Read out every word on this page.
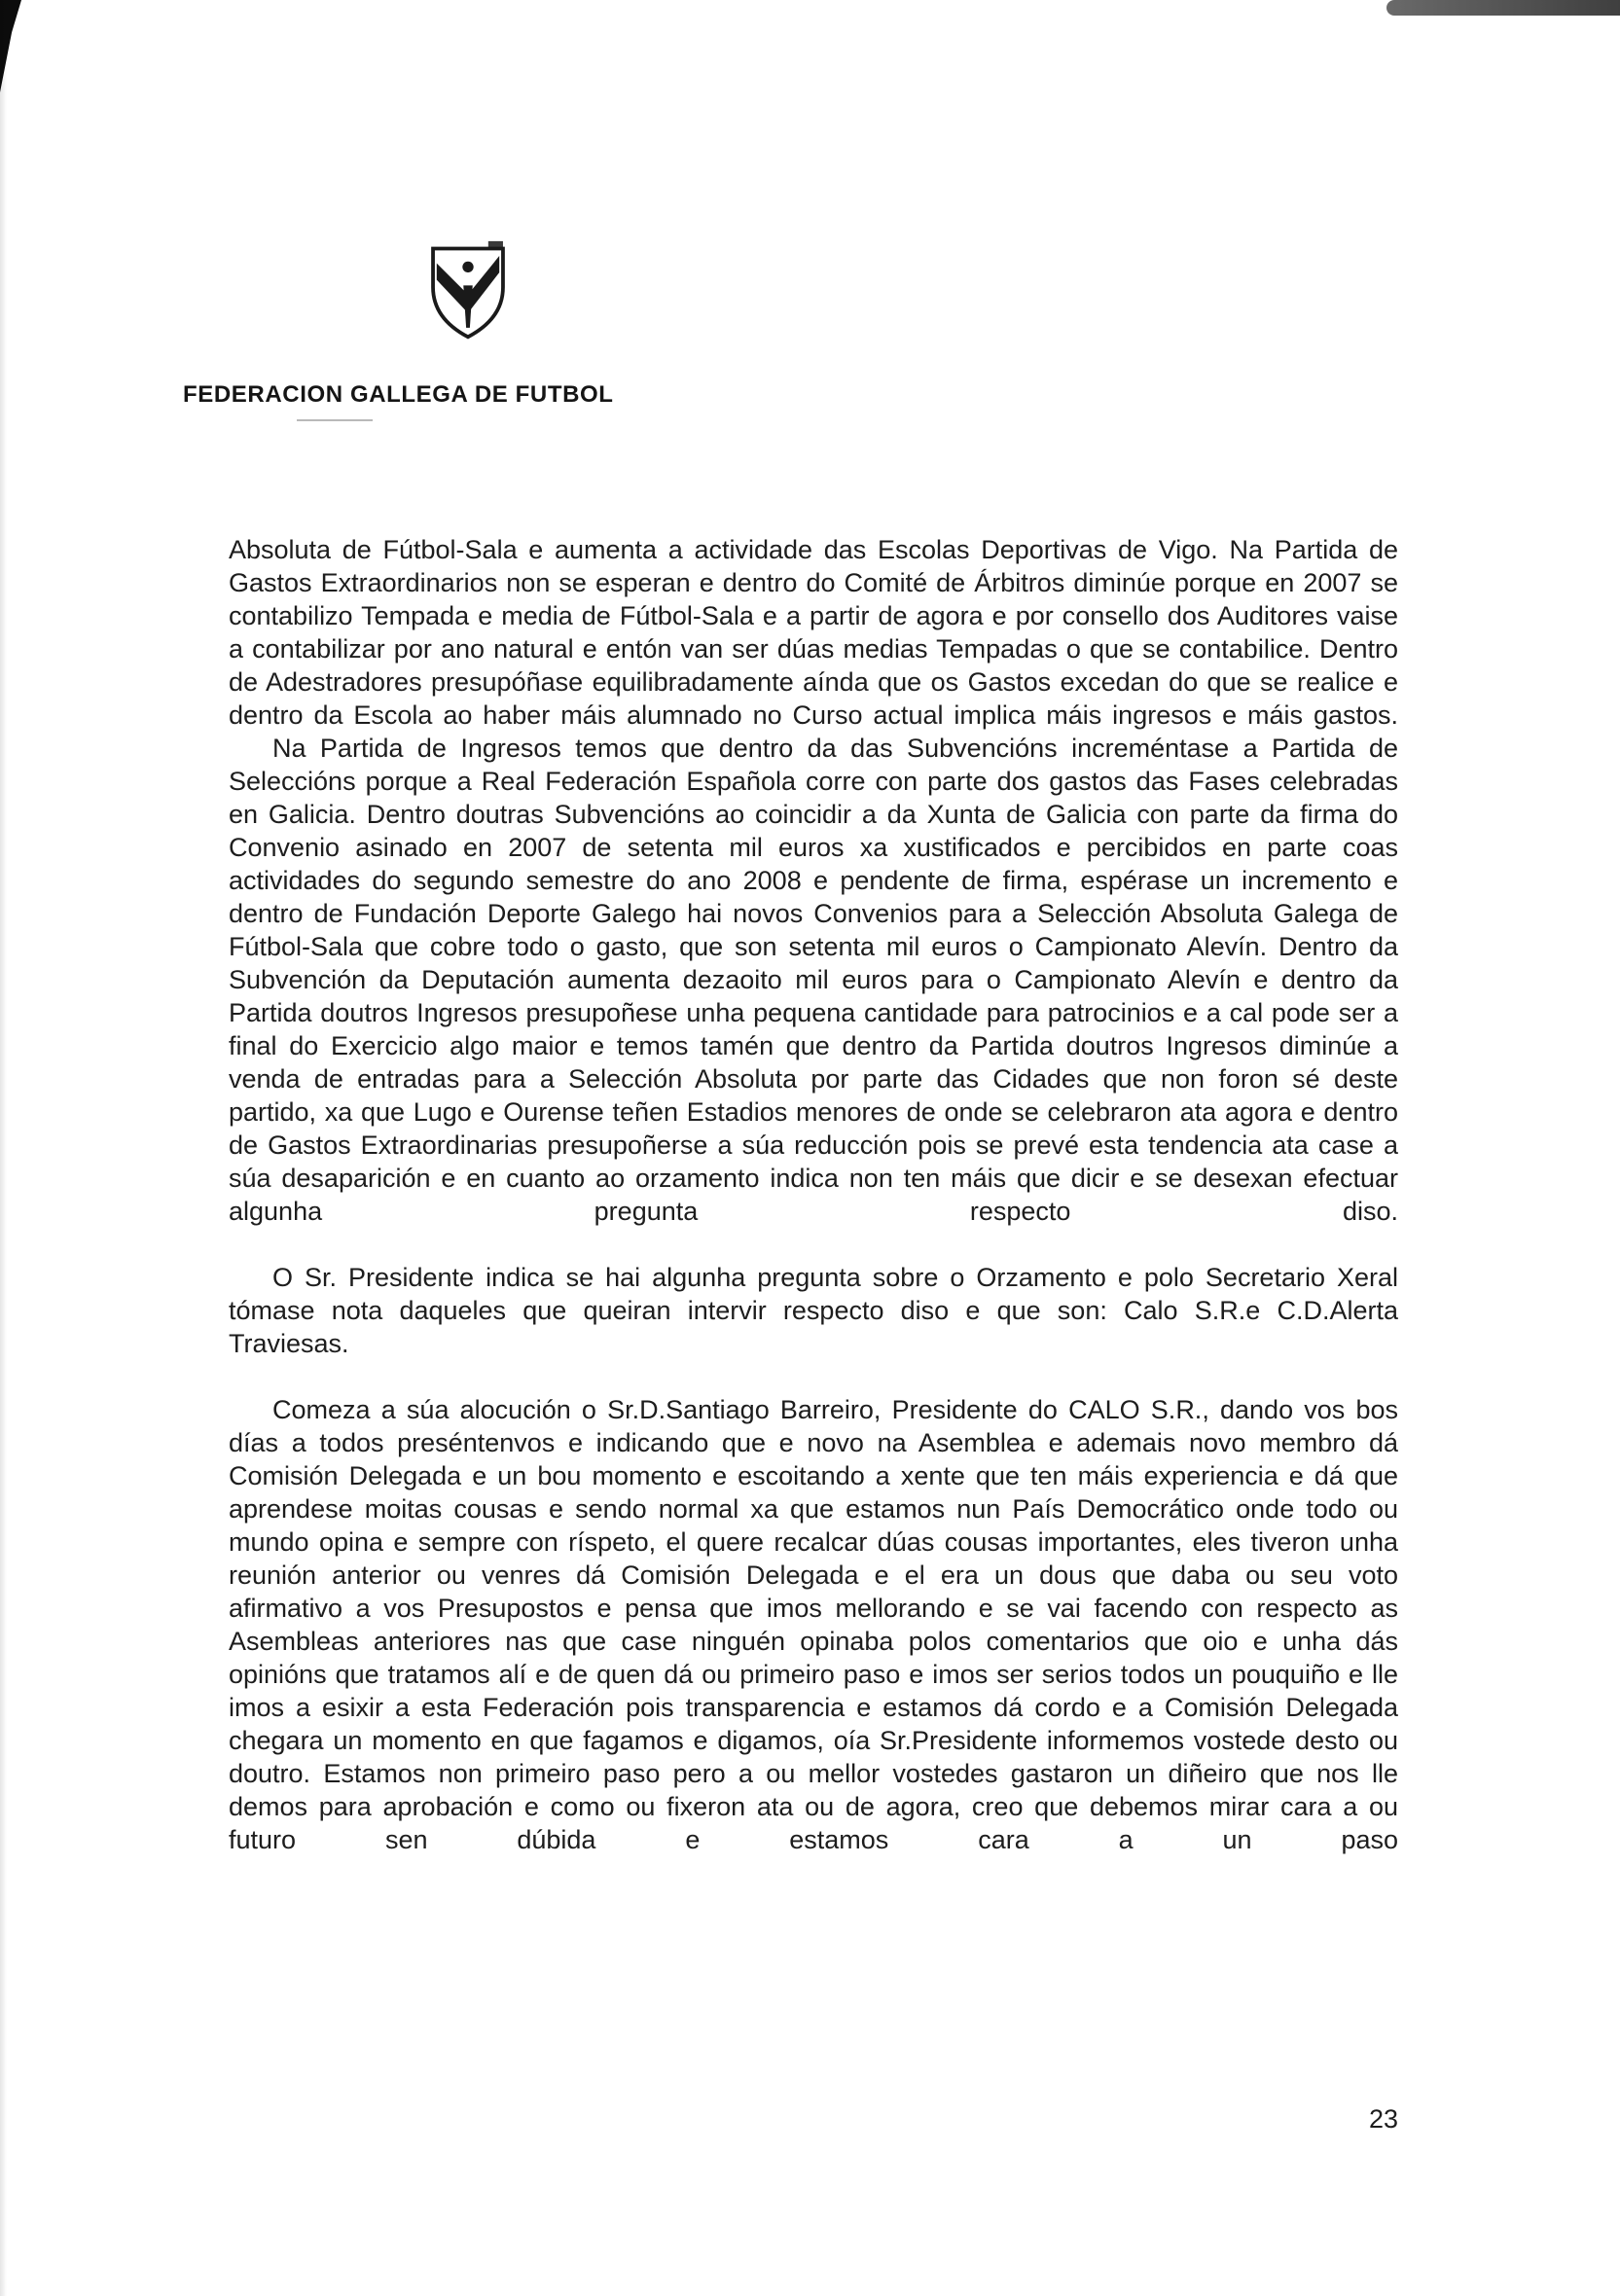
FEDERACION GALLEGA DE FUTBOL

Absoluta de Fútbol-Sala e aumenta a actividade das Escolas Deportivas de Vigo. Na Partida de Gastos Extraordinarios non se esperan e dentro do Comité de Árbitros diminúe porque en 2007 se contabilizo Tempada e media de Fútbol-Sala e a partir de agora e por consello dos Auditores vaise a contabilizar por ano natural e entón van ser dúas medias Tempadas o que se contabilice. Dentro de Adestradores presupóñase equilibradamente aínda que os Gastos excedan do que se realice e dentro da Escola ao haber máis alumnado no Curso actual implica máis ingresos e máis gastos.

Na Partida de Ingresos temos que dentro da das Subvencións increméntase a Partida de Seleccións porque a Real Federación Española corre con parte dos gastos das Fases celebradas en Galicia. Dentro doutras Subvencións ao coincidir a da Xunta de Galicia con parte da firma do Convenio asinado en 2007 de setenta mil euros xa xustificados e percibidos en parte coas actividades do segundo semestre do ano 2008 e pendente de firma, espérase un incremento e dentro de Fundación Deporte Galego hai novos Convenios para a Selección Absoluta Galega de Fútbol-Sala que cobre todo o gasto, que son setenta mil euros o Campionato Alevín. Dentro da Subvención da Deputación aumenta dezaoito mil euros para o Campionato Alevín e dentro da Partida doutros Ingresos presupoñese unha pequena cantidade para patrocinios e a cal pode ser a final do Exercicio algo maior e temos tamén que dentro da Partida doutros Ingresos diminúe a venda de entradas para a Selección Absoluta por parte das Cidades que non foron sé deste partido, xa que Lugo e Ourense teñen Estadios menores de onde se celebraron ata agora e dentro de Gastos Extraordinarias presupoñerse a súa reducción pois se prevé esta tendencia ata case a súa desaparición e en cuanto ao orzamento indica non ten máis que dicir e se desexan efectuar algunha pregunta respecto diso.

O Sr. Presidente indica se hai algunha pregunta sobre o Orzamento e polo Secretario Xeral tómase nota daqueles que queiran intervir respecto diso e que son: Calo S.R.e C.D.Alerta Traviesas.

Comeza a súa alocución o Sr.D.Santiago Barreiro, Presidente do CALO S.R., dando vos bos días a todos preséntenvos e indicando que e novo na Asemblea e ademais novo membro dá Comisión Delegada e un bou momento e escoitando a xente que ten máis experiencia e dá que aprendese moitas cousas e sendo normal xa que estamos nun País Democrático onde todo ou mundo opina e sempre con ríspeto, el quere recalcar dúas cousas importantes, eles tiveron unha reunión anterior ou venres dá Comisión Delegada e el era un dous que daba ou seu voto afirmativo a vos Presupostos e pensa que imos mellorando e se vai facendo con respecto as Asembleas anteriores nas que case ninguén opinaba polos comentarios que oio e unha dás opinións que tratamos alí e de quen dá ou primeiro paso e imos ser serios todos un pouquiño e lle imos a esixir a esta Federación pois transparencia e estamos dá cordo e a Comisión Delegada chegara un momento en que fagamos e digamos, oía Sr.Presidente informemos vostede desto ou doutro. Estamos non primeiro paso pero a ou mellor vostedes gastaron un diñeiro que nos lle demos para aprobación e como ou fixeron ata ou de agora, creo que debemos mirar cara a ou futuro sen dúbida e estamos cara a un paso

23
